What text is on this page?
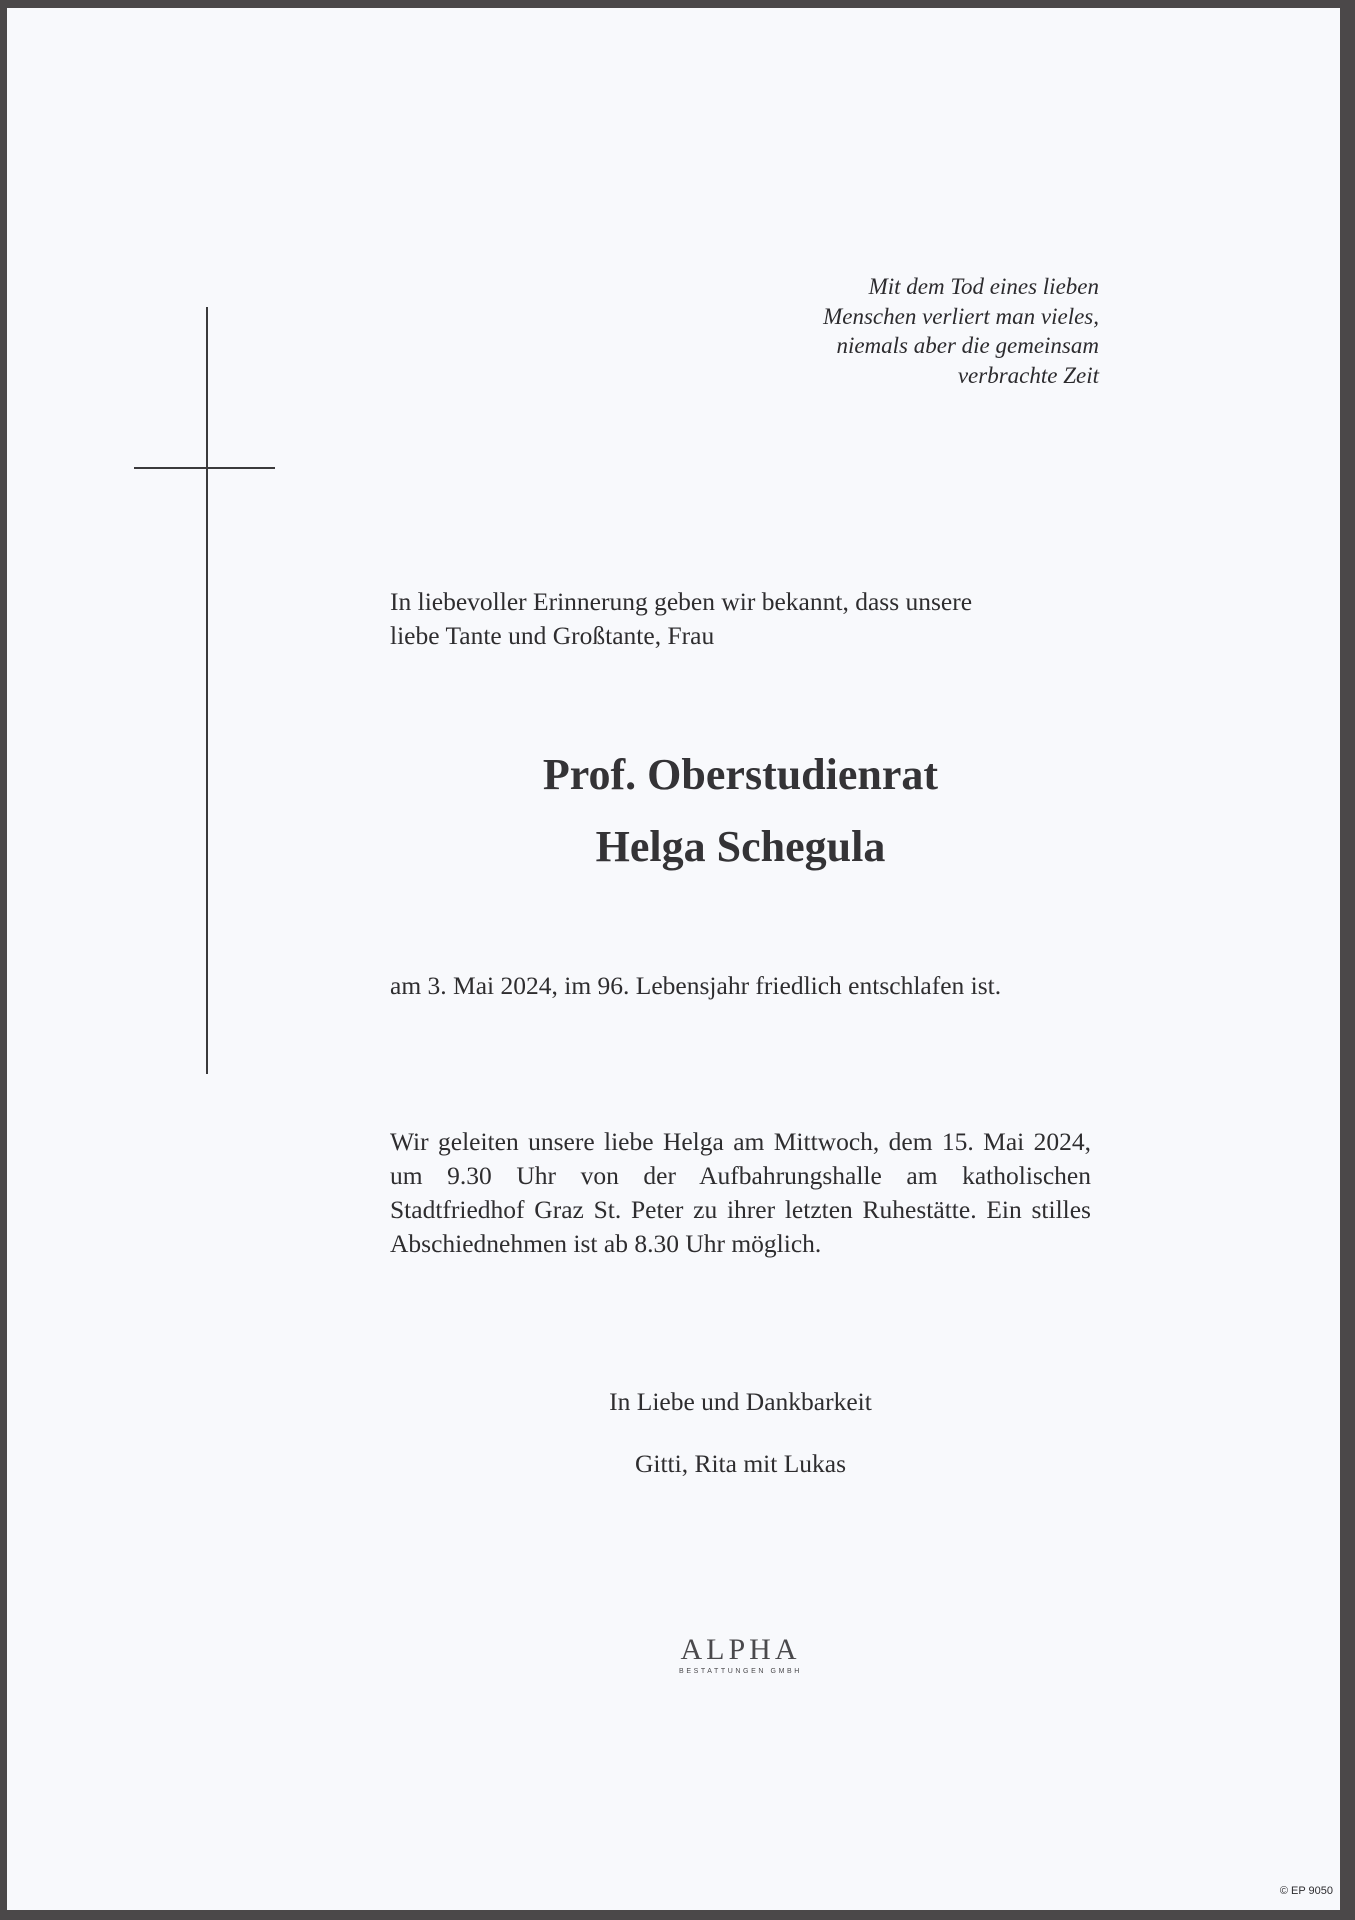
Mit dem Tod eines lieben
Menschen verliert man vieles,
niemals aber die gemeinsam
verbrachte Zeit
In liebevoller Erinnerung geben wir bekannt, dass unsere
liebe Tante und Großtante, Frau
Prof. Oberstudienrat
Helga Schegula
am 3. Mai 2024, im 96. Lebensjahr friedlich entschlafen ist.
Wir geleiten unsere liebe Helga am Mittwoch, dem 15. Mai 2024, um 9.30 Uhr von der Aufbahrungshalle am katholischen Stadtfriedhof Graz St. Peter zu ihrer letzten Ruhestätte. Ein stilles Abschiednehmen ist ab 8.30 Uhr möglich.
In Liebe und Dankbarkeit
Gitti, Rita mit Lukas
ALPHA
BESTATTUNGEN GMBH
© EP 9050
